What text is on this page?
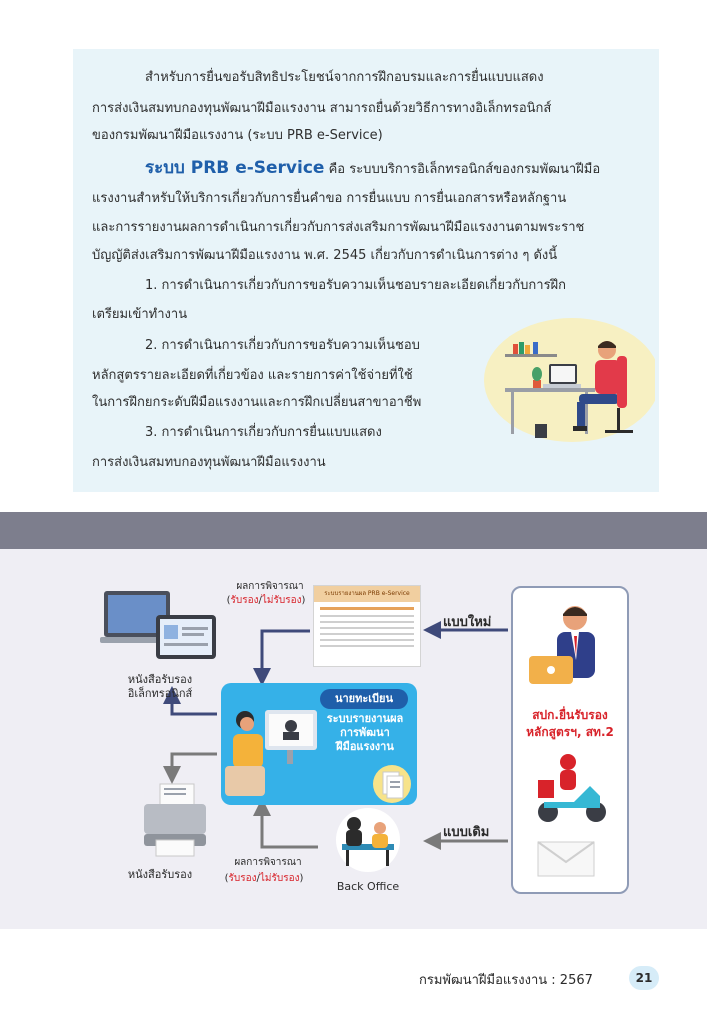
สำหรับการยื่นขอรับสิทธิประโยชน์จากการฝึกอบรมและการยื่นแบบแสดง
การส่งเงินสมทบกองทุนพัฒนาฝีมือแรงงาน สามารถยื่นด้วยวิธีการทางอิเล็กทรอนิกส์
ของกรมพัฒนาฝีมือแรงงาน (ระบบ PRB e-Service)
ระบบ PRB e-Service คือ ระบบบริการอิเล็กทรอนิกส์ของกรมพัฒนาฝีมือ
แรงงานสำหรับให้บริการเกี่ยวกับการยื่นคำขอ การยื่นแบบ การยื่นเอกสารหรือหลักฐาน
และการรายงานผลการดำเนินการเกี่ยวกับการส่งเสริมการพัฒนาฝีมือแรงงานตามพระราช
บัญญัติส่งเสริมการพัฒนาฝีมือแรงงาน พ.ศ. 2545 เกี่ยวกับการดำเนินการต่าง ๆ ดังนี้
1. การดำเนินการเกี่ยวกับการขอรับความเห็นชอบรายละเอียดเกี่ยวกับการฝึก
เตรียมเข้าทำงาน
2. การดำเนินการเกี่ยวกับการขอรับความเห็นชอบ
หลักสูตรรายละเอียดที่เกี่ยวข้อง และรายการค่าใช้จ่ายที่ใช้
ในการฝึกยกระดับฝีมือแรงงานและการฝึกเปลี่ยนสาขาอาชีพ
3. การดำเนินการเกี่ยวกับการยื่นแบบแสดง
การส่งเงินสมทบกองทุนพัฒนาฝีมือแรงงาน
ภาพรวมของระบบส่งเสริมการพัฒนาฝีมือแรงงานและบริการ PRB e-Service
ผลการพิจารณา
(รับรอง/ไม่รับรอง)
ระบบรายงานผล PRB e-Service
หนังสือรับรอง
อิเล็กทรอนิกส์	นายทะเบียน
ระบบรายงานผล
การพัฒนา
ฝีมือแรงงาน
หนังสือรับรอง
Back Office
ผลการพิจารณา
(รับรอง/ไม่รับรอง)
แบบใหม่
แบบเดิม
สปก.ยื่นรับรอง
หลักสูตรฯ, สท.2
กรมพัฒนาฝีมือแรงงาน : 2567	21
